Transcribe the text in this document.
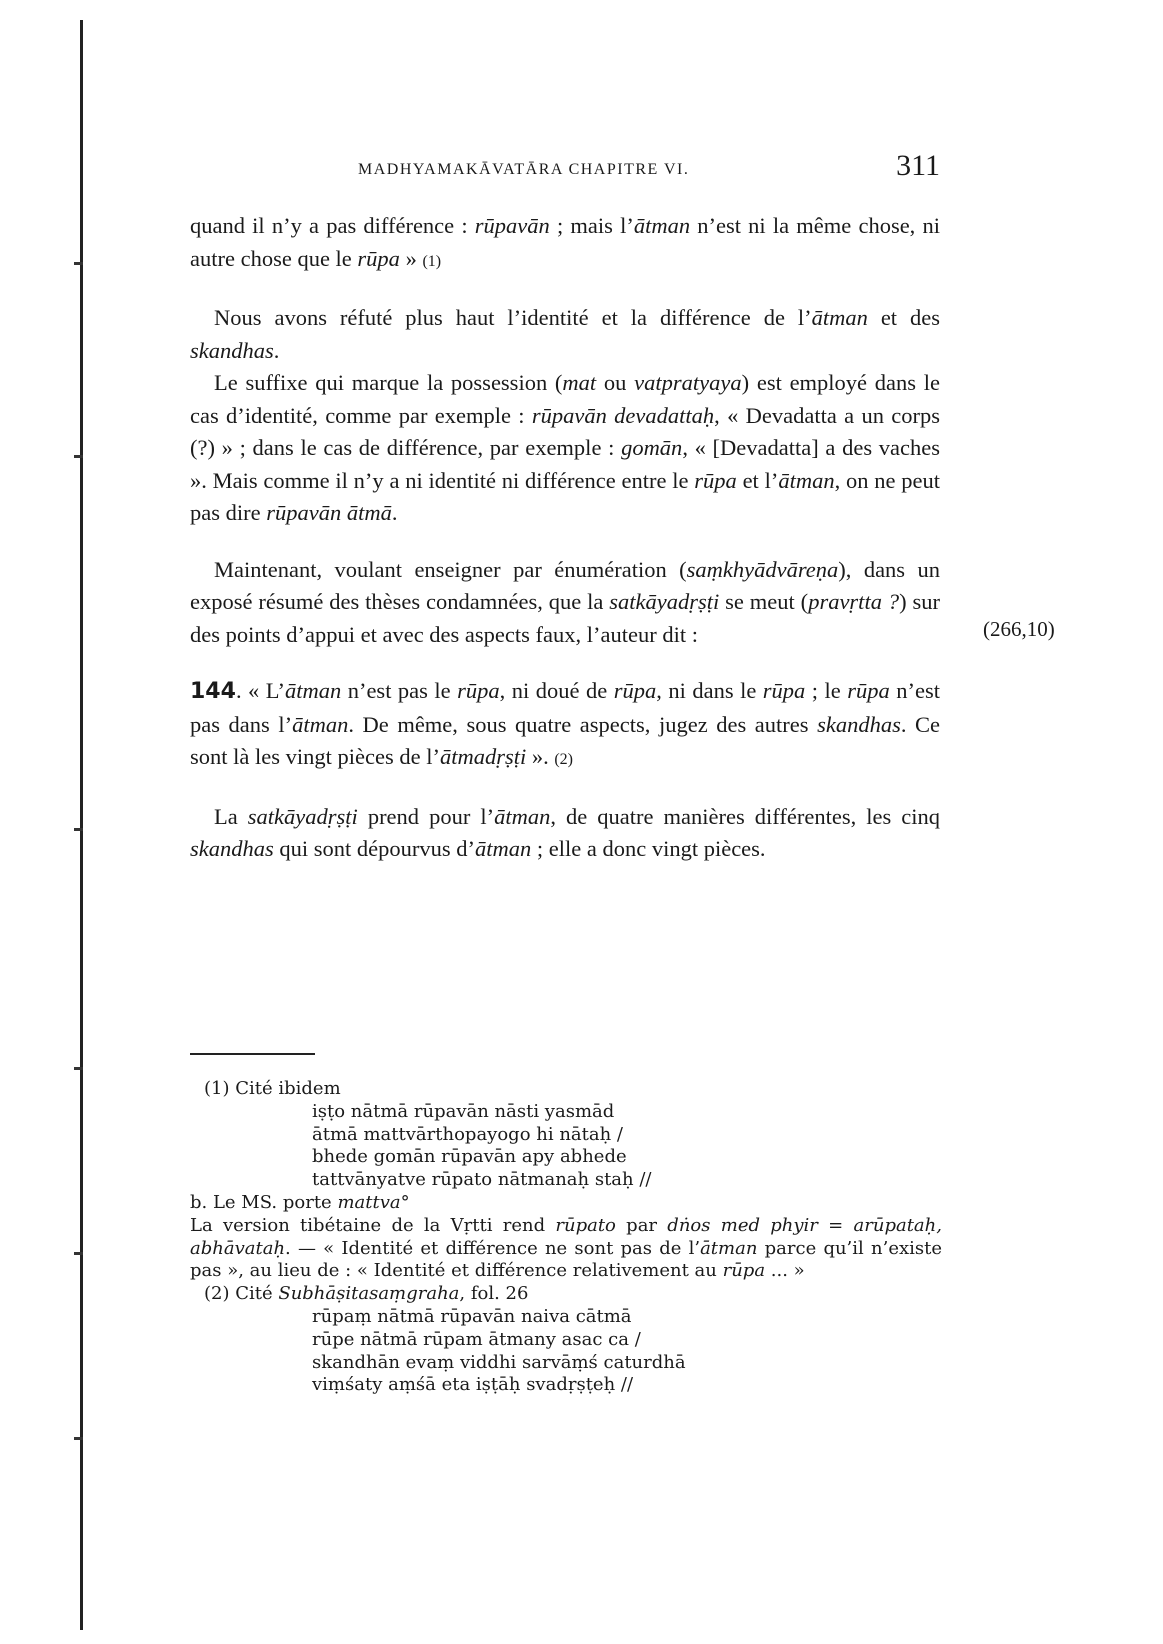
MADHYAMAKĀVATĀRA CHAPITRE VI.	311

quand il n’y a pas différence : rūpavān ; mais l’ātman n’est ni la même chose, ni autre chose que le rūpa » (1)

Nous avons réfuté plus haut l’identité et la différence de l’ātman et des skandhas.

Le suffixe qui marque la possession (mat ou vatpratyaya) est employé dans le cas d’identité, comme par exemple : rūpavān devadattaḥ, « Devadatta a un corps (?) » ; dans le cas de différence, par exemple : gomān, « [Devadatta] a des vaches ». Mais comme il n’y a ni identité ni différence entre le rūpa et l’ātman, on ne peut pas dire rūpavān ātmā.

Maintenant, voulant enseigner par énumération (saṃkhyādvāreṇa), dans un exposé résumé des thèses condamnées, que la satkāyadṛṣṭi se meut (pravṛtta ?) sur des points d’appui et avec des aspects faux, l’auteur dit :

144. « L’ātman n’est pas le rūpa, ni doué de rūpa, ni dans le rūpa ; le rūpa n’est pas dans l’ātman. De même, sous quatre aspects, jugez des autres skandhas. Ce sont là les vingt pièces de l’ātmadṛṣṭi ». (2)

La satkāyadṛṣṭi prend pour l’ātman, de quatre manières différentes, les cinq skandhas qui sont dépourvus d’ātman ; elle a donc vingt pièces.

(266,10)

(1) Cité ibidem

iṣṭo nātmā rūpavān nāsti yasmād

ātmā mattvārthopayogo hi nātaḥ /

bhede gomān rūpavān apy abhede

tattvānyatve rūpato nātmanaḥ staḥ //

b. Le MS. porte mattva°

La version tibétaine de la Vṛtti rend rūpato par dṅos med phyir = arūpataḥ, abhāvataḥ. — « Identité et différence ne sont pas de l’ātman parce qu’il n’existe pas », au lieu de : « Identité et différence relativement au rūpa ... »

(2) Cité Subhāṣitasaṃgraha, fol. 26

rūpaṃ nātmā rūpavān naiva cātmā

rūpe nātmā rūpam ātmany asac ca /

skandhān evaṃ viddhi sarvāṃś caturdhā

viṃśaty aṃśā eta iṣṭāḥ svadṛṣṭeḥ //
